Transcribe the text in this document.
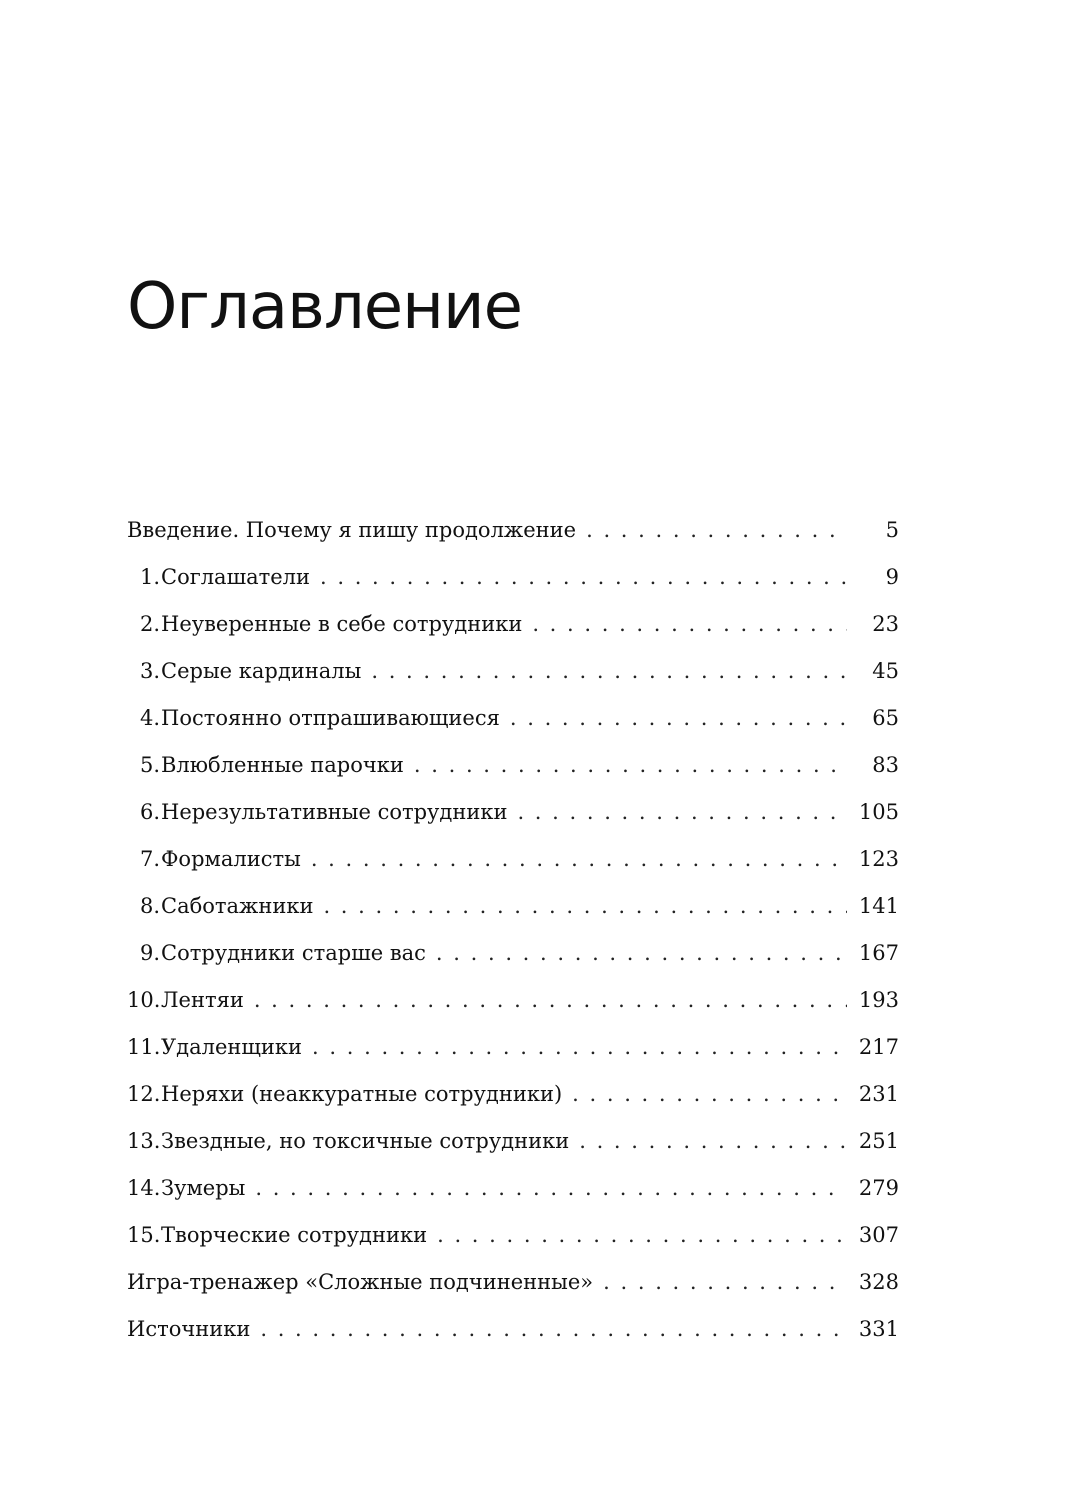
Оглавление
Введение. Почему я пишу продолжение . . .	5
1. Соглашатели . . .	9
2. Неуверенные в себе сотрудники . . .	23
3. Серые кардиналы . . .	45
4. Постоянно отпрашивающиеся . . .	65
5. Влюбленные парочки . . .	83
6. Нерезультативные сотрудники . . .	105
7. Формалисты . . .	123
8. Саботажники . . .	141
9. Сотрудники старше вас . . .	167
10. Лентяи . . .	193
11. Удаленщики . . .	217
12. Неряхи (неаккуратные сотрудники) . . .	231
13. Звездные, но токсичные сотрудники . . .	251
14. Зумеры . . .	279
15. Творческие сотрудники . . .	307
Игра-тренажер «Сложные подчиненные» . . .	328
Источники . . .	331
